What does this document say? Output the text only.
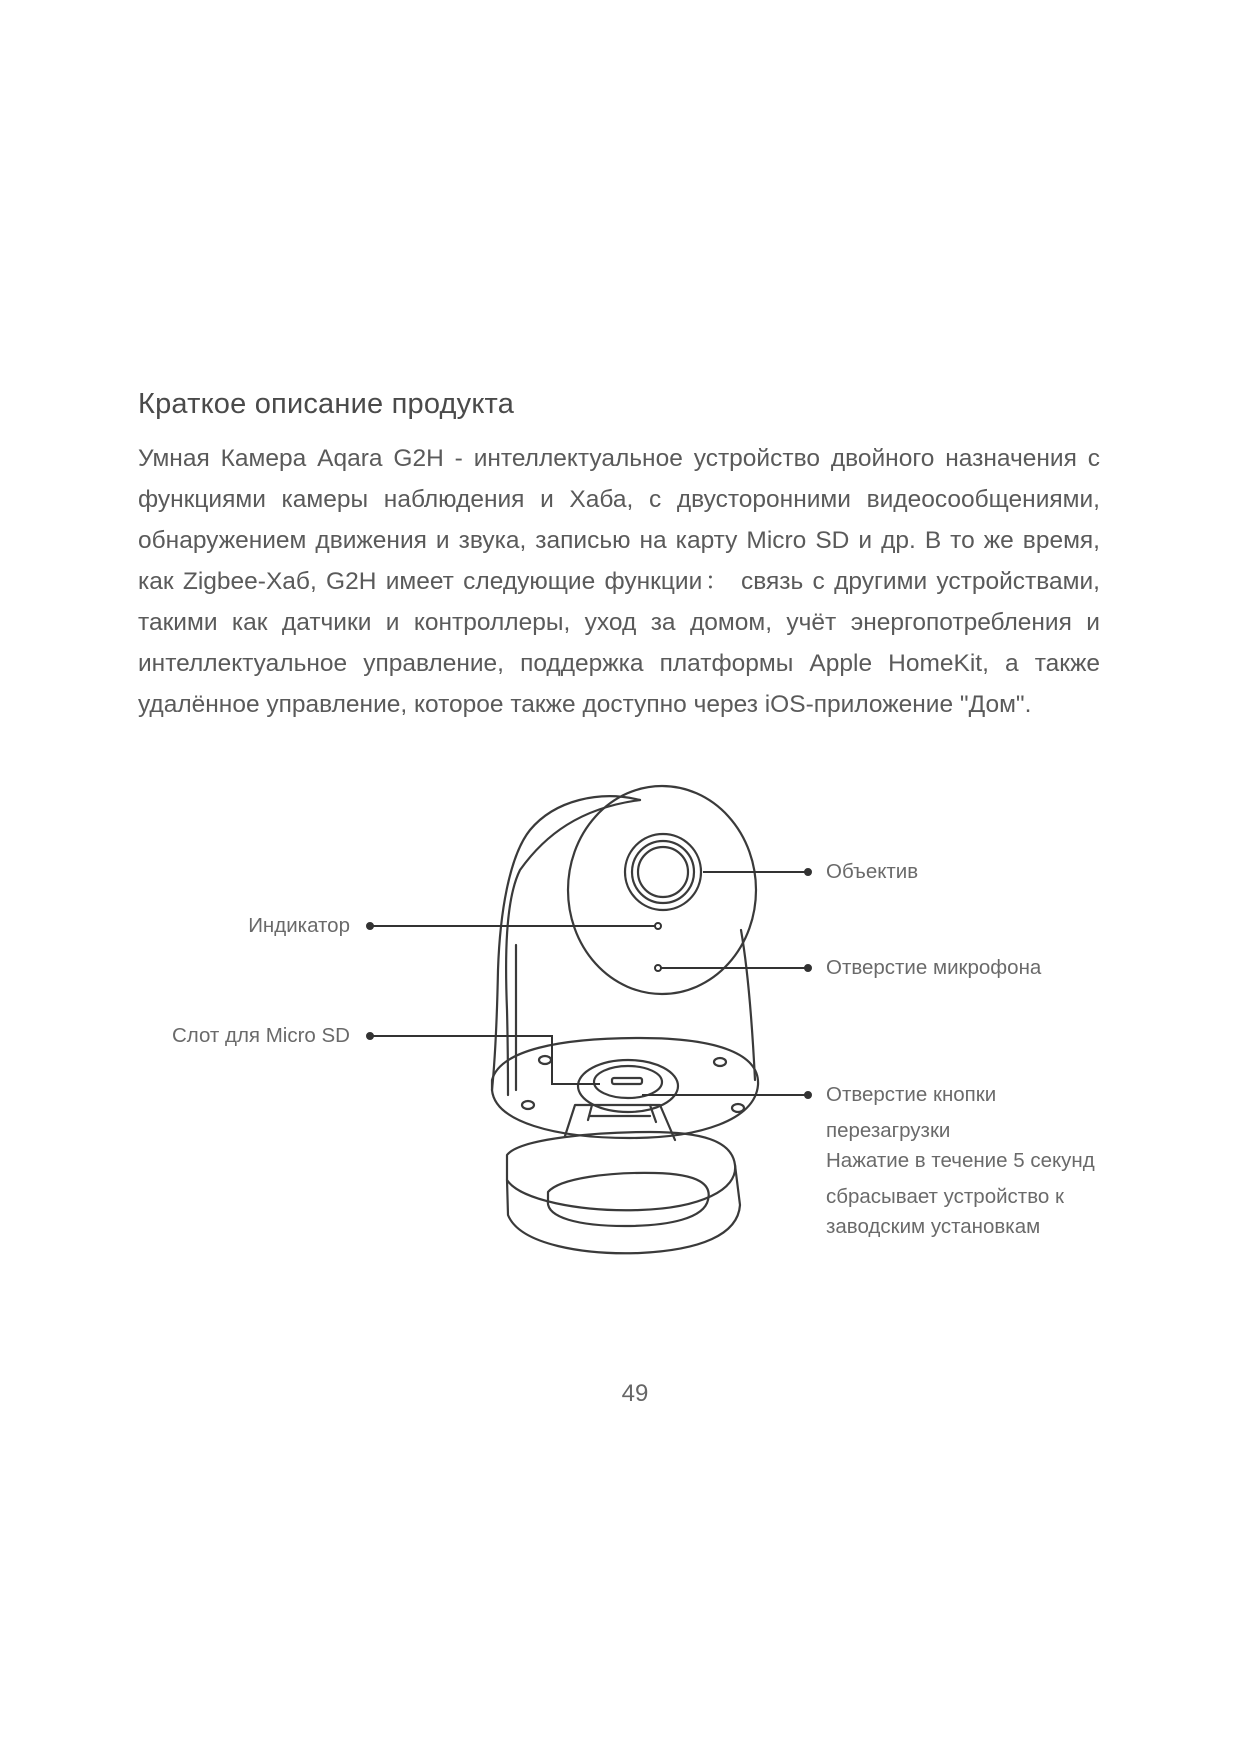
Краткое описание продукта
Умная Камера Aqara G2H - интеллектуальное устройство двойного назначения с
функциями камеры наблюдения и Хаба, с двусторонними видеосообщениями,
обнаружением движения и звука, записью на карту Micro SD и др. В то же время,
как Zigbee-Хаб, G2H имеет следующие функции： связь с другими устройствами,
такими как датчики и контроллеры, уход за домом, учёт энергопотребления и
интеллектуальное управление, поддержка платформы Apple HomeKit, а также
удалённое управление, которое также доступно через iOS-приложение "Дом".
Объектив
Индикатор
Отверстие микрофона
Слот для Micro SD
Отверстие кнопки
перезагрузки
Нажатие в течение 5 секунд
сбрасывает устройство к
заводским установкам
49
